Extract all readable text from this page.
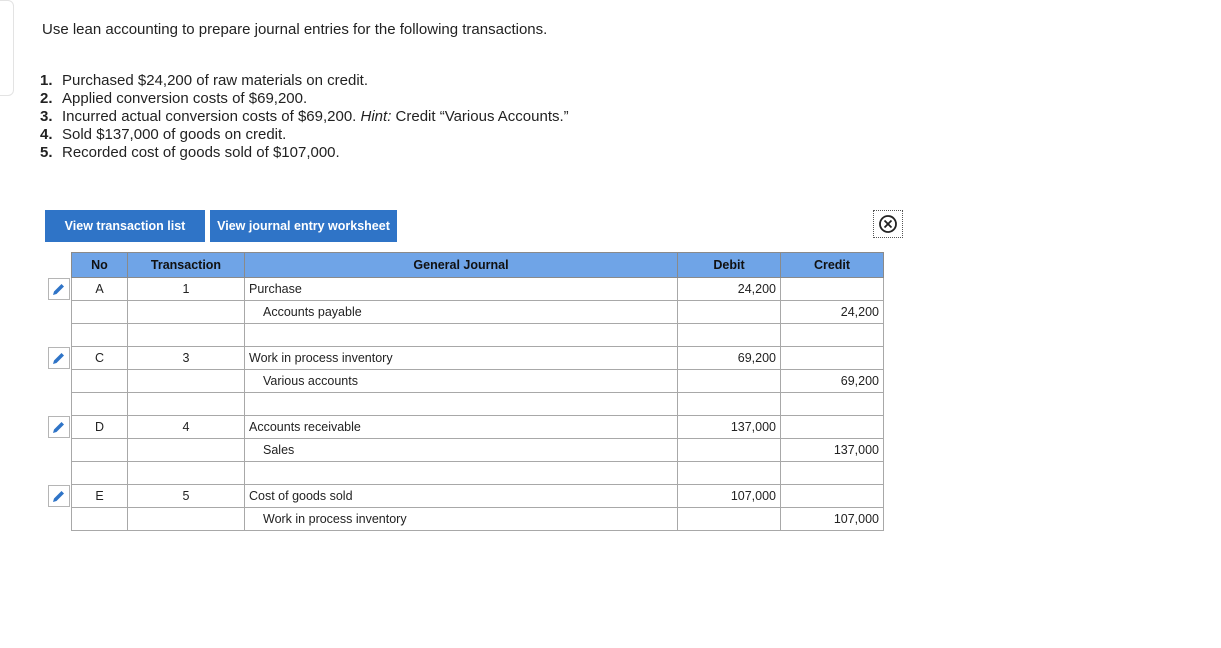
Use lean accounting to prepare journal entries for the following transactions.

1. Purchased $24,200 of raw materials on credit.
2. Applied conversion costs of $69,200.
3. Incurred actual conversion costs of $69,200. Hint: Credit “Various Accounts.”
4. Sold $137,000 of goods on credit.
5. Recorded cost of goods sold of $107,000.
View transaction list	View journal entry worksheet
No	Transaction	General Journal	Debit	Credit
A	1	Purchase	24,200	
		Accounts payable		24,200

C	3	Work in process inventory	69,200	
		Various accounts		69,200

D	4	Accounts receivable	137,000	
		Sales		137,000

E	5	Cost of goods sold	107,000	
		Work in process inventory		107,000
